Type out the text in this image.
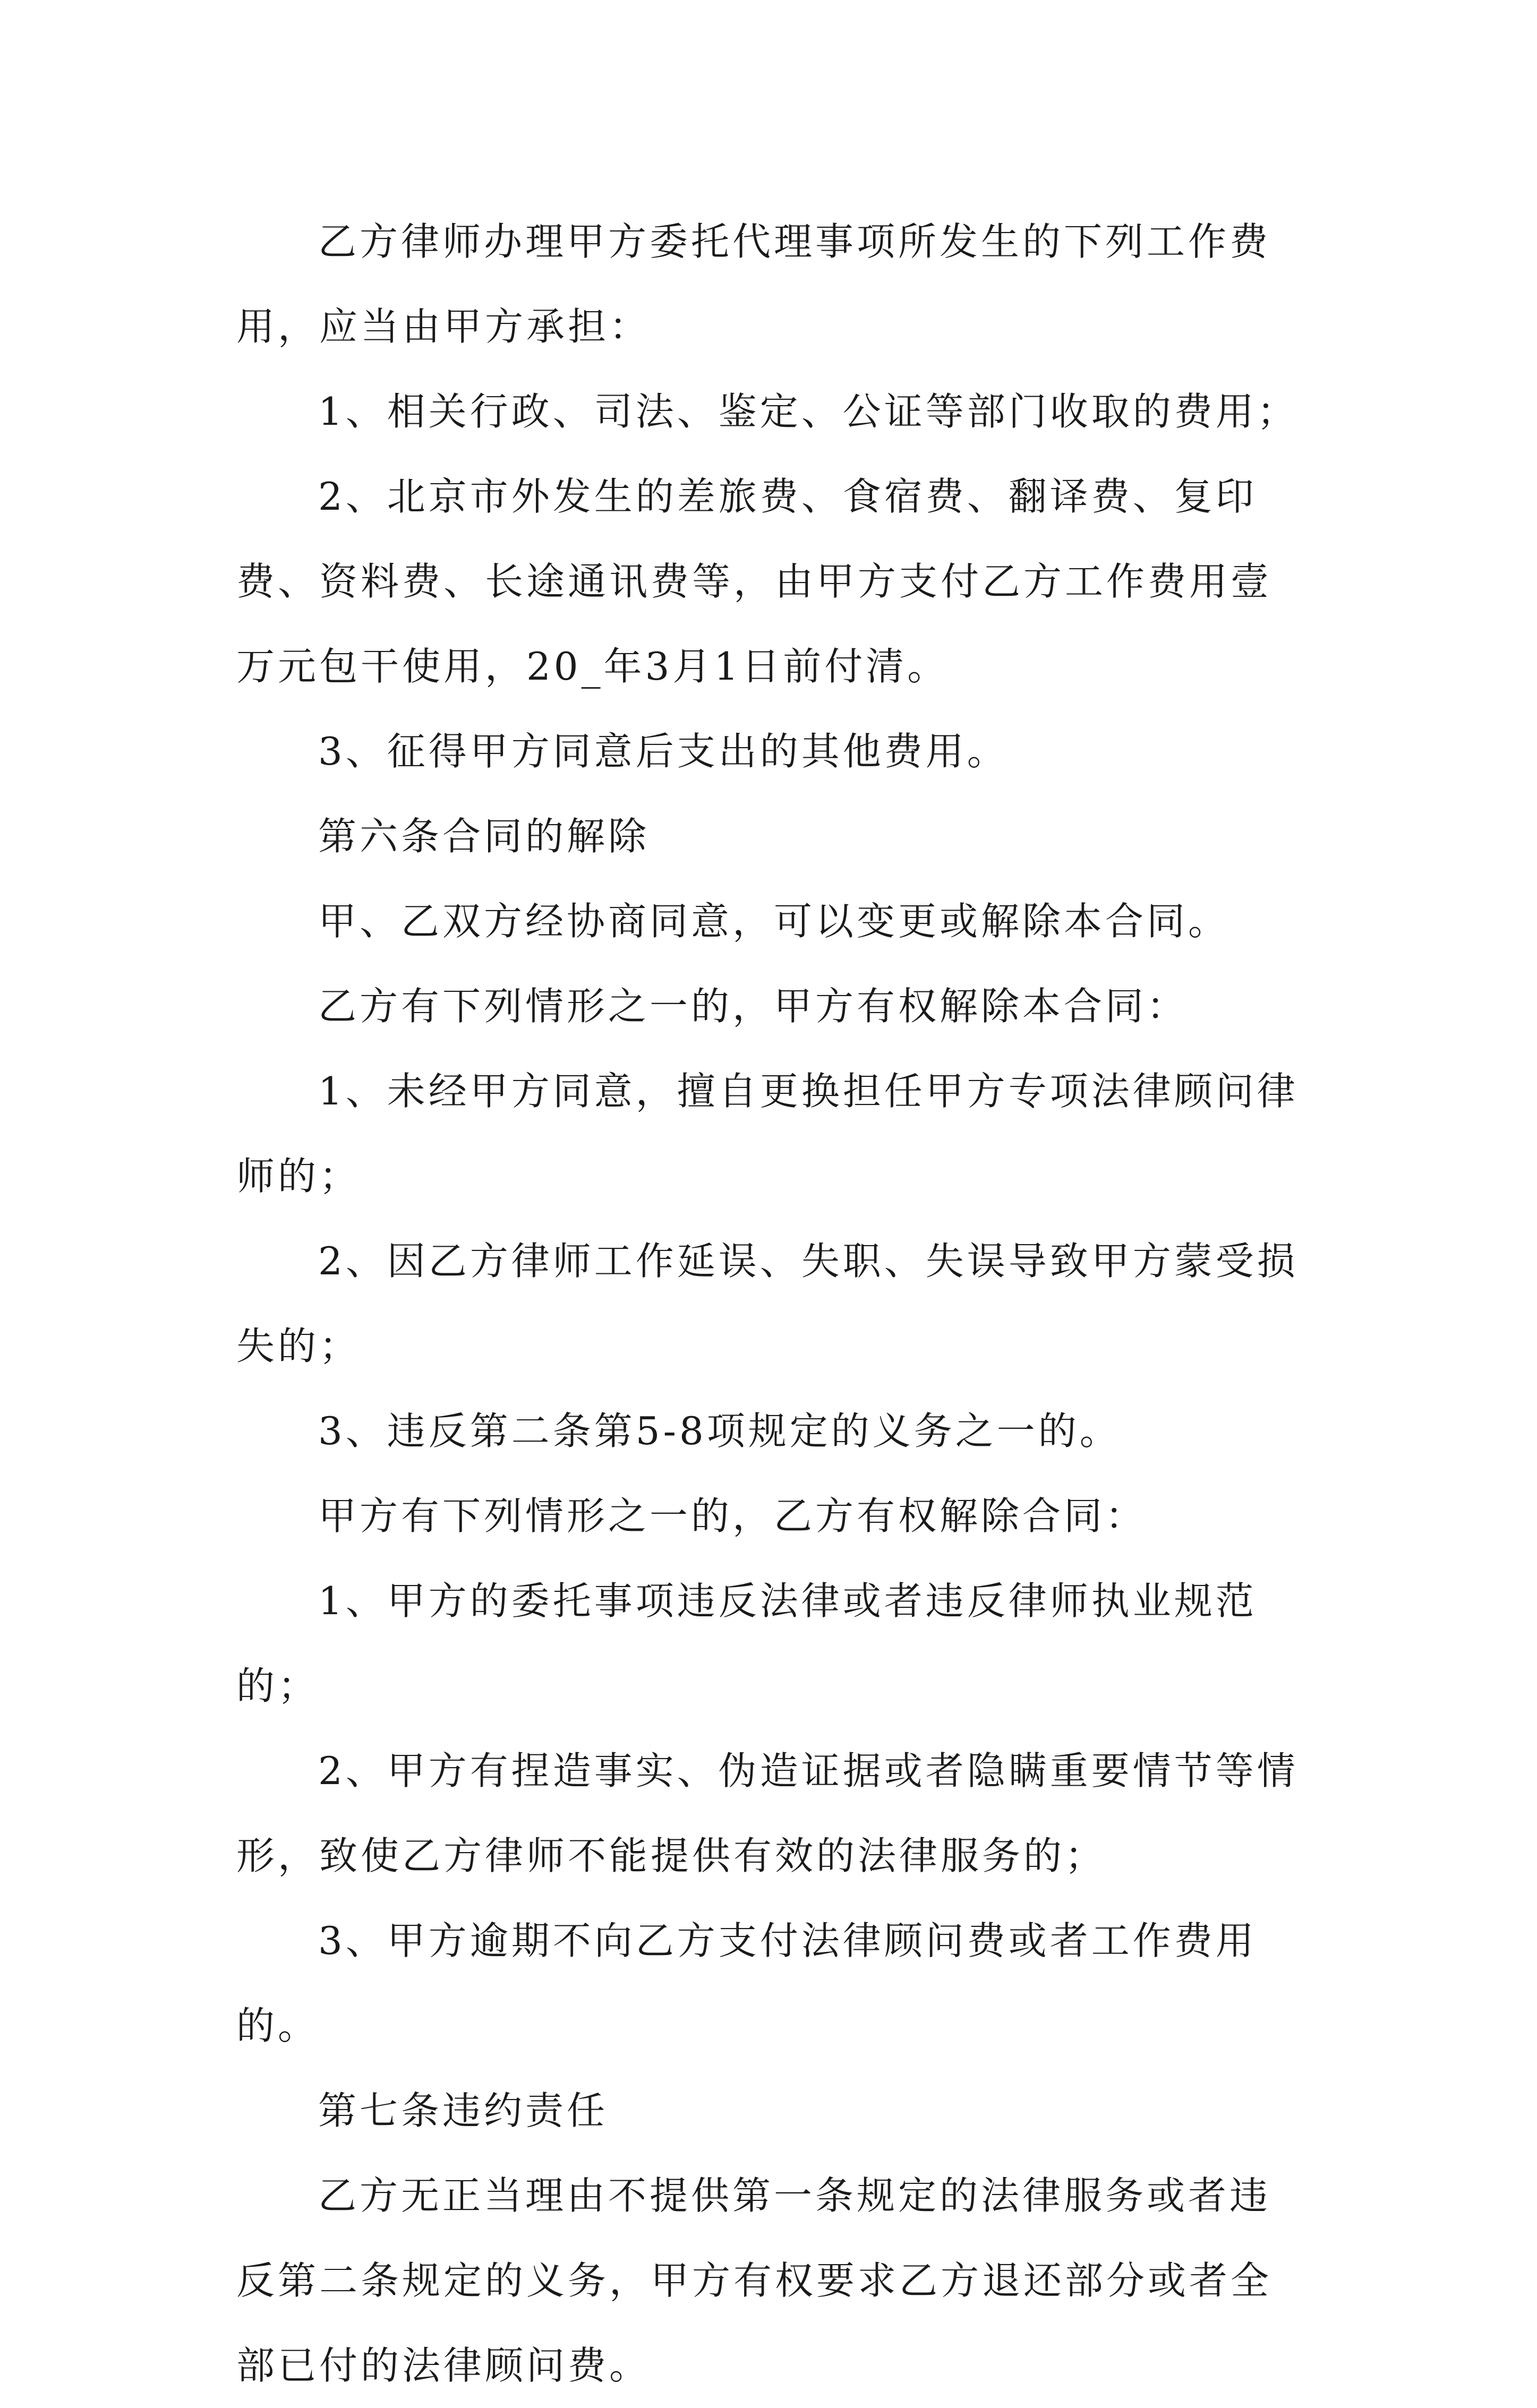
乙方律师办理甲方委托代理事项所发生的下列工作费用，应当由甲方承担：

1、相关行政、司法、鉴定、公证等部门收取的费用；

2、北京市外发生的差旅费、食宿费、翻译费、复印费、资料费、长途通讯费等，由甲方支付乙方工作费用壹万元包干使用，20_年3月1日前付清。

3、征得甲方同意后支出的其他费用。

第六条合同的解除

甲、乙双方经协商同意，可以变更或解除本合同。

乙方有下列情形之一的，甲方有权解除本合同：

1、未经甲方同意，擅自更换担任甲方专项法律顾问律师的；

2、因乙方律师工作延误、失职、失误导致甲方蒙受损失的；

3、违反第二条第5-8项规定的义务之一的。

甲方有下列情形之一的，乙方有权解除合同：

1、甲方的委托事项违反法律或者违反律师执业规范的；

2、甲方有捏造事实、伪造证据或者隐瞒重要情节等情形，致使乙方律师不能提供有效的法律服务的；

3、甲方逾期不向乙方支付法律顾问费或者工作费用的。

第七条违约责任

乙方无正当理由不提供第一条规定的法律服务或者违反第二条规定的义务，甲方有权要求乙方退还部分或者全部已付的法律顾问费。
